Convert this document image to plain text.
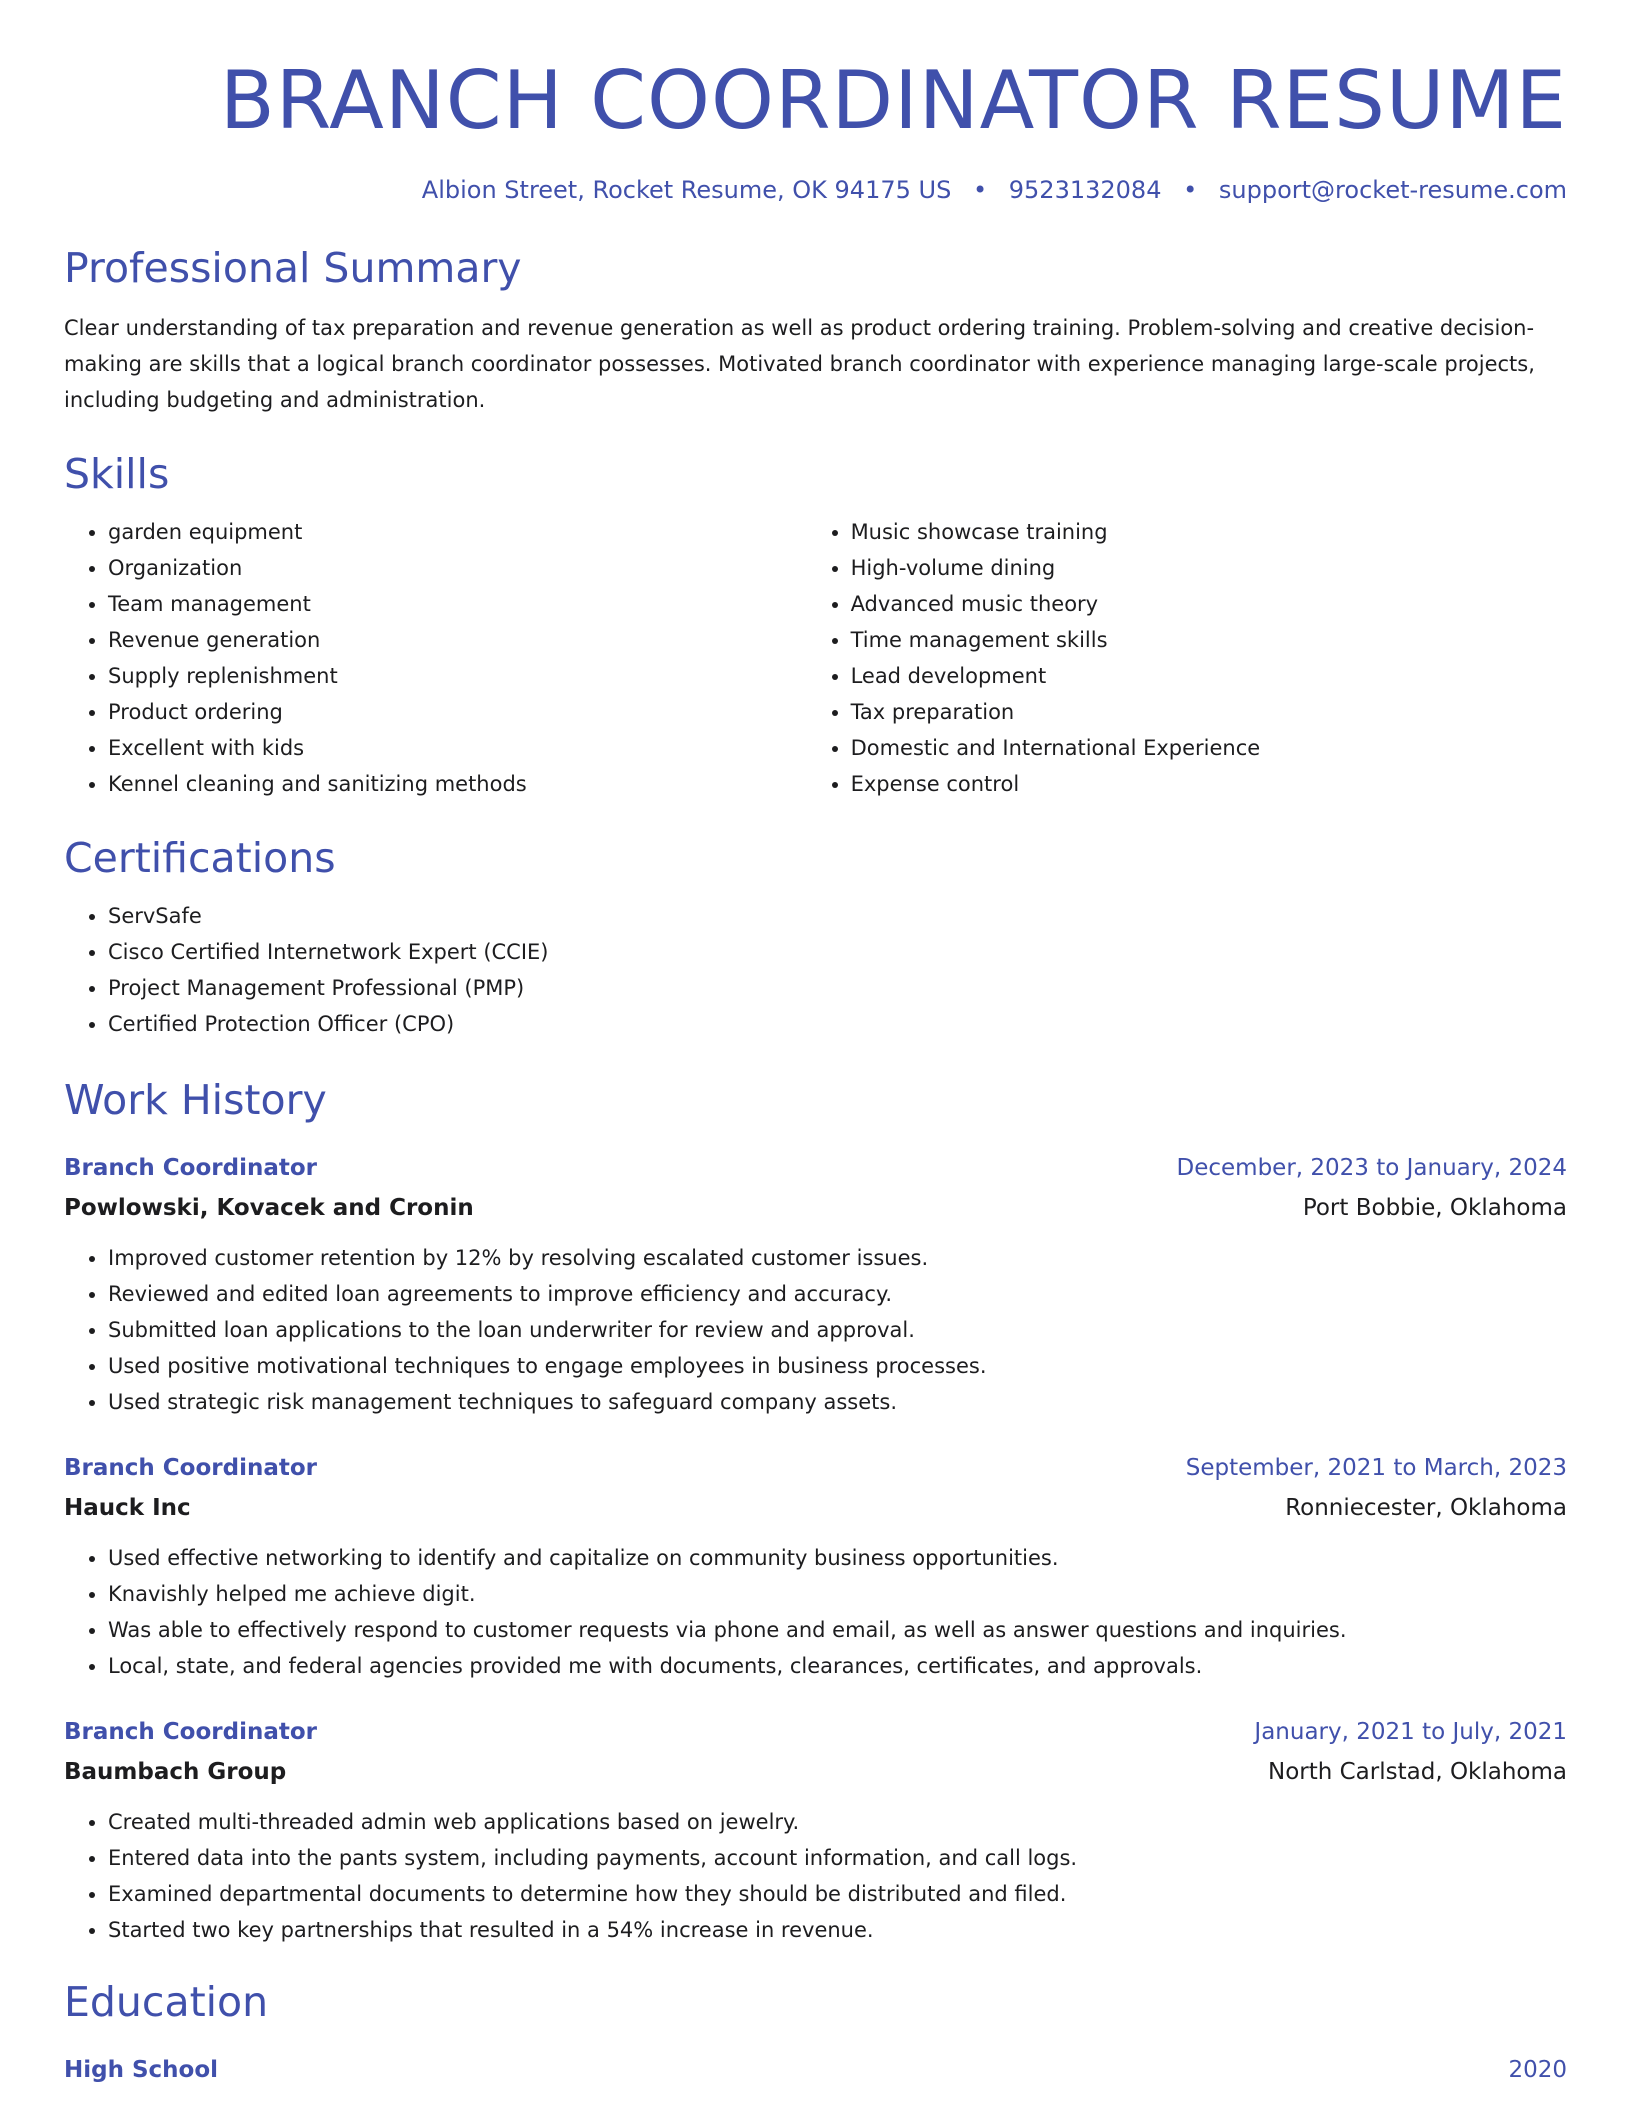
BRANCH COORDINATOR RESUME
Albion Street, Rocket Resume, OK 94175 US • 9523132084 • support@rocket-resume.com
Professional Summary

Clear understanding of tax preparation and revenue generation as well as product ordering training. Problem-solving and creative decision-making are skills that a logical branch coordinator possesses. Motivated branch coordinator with experience managing large-scale projects, including budgeting and administration.

Skills
• garden equipment
• Organization
• Team management
• Revenue generation
• Supply replenishment
• Product ordering
• Excellent with kids
• Kennel cleaning and sanitizing methods
• Music showcase training
• High-volume dining
• Advanced music theory
• Time management skills
• Lead development
• Tax preparation
• Domestic and International Experience
• Expense control
Certifications
• ServSafe
• Cisco Certified Internetwork Expert (CCIE)
• Project Management Professional (PMP)
• Certified Protection Officer (CPO)
Work History
Branch Coordinator	December, 2023 to January, 2024
Powlowski, Kovacek and Cronin	Port Bobbie, Oklahoma
• Improved customer retention by 12% by resolving escalated customer issues.
• Reviewed and edited loan agreements to improve efficiency and accuracy.
• Submitted loan applications to the loan underwriter for review and approval.
• Used positive motivational techniques to engage employees in business processes.
• Used strategic risk management techniques to safeguard company assets.
Branch Coordinator	September, 2021 to March, 2023
Hauck Inc	Ronniecester, Oklahoma
• Used effective networking to identify and capitalize on community business opportunities.
• Knavishly helped me achieve digit.
• Was able to effectively respond to customer requests via phone and email, as well as answer questions and inquiries.
• Local, state, and federal agencies provided me with documents, clearances, certificates, and approvals.
Branch Coordinator	January, 2021 to July, 2021
Baumbach Group	North Carlstad, Oklahoma
• Created multi-threaded admin web applications based on jewelry.
• Entered data into the pants system, including payments, account information, and call logs.
• Examined departmental documents to determine how they should be distributed and filed.
• Started two key partnerships that resulted in a 54% increase in revenue.
Education
High School	2020
